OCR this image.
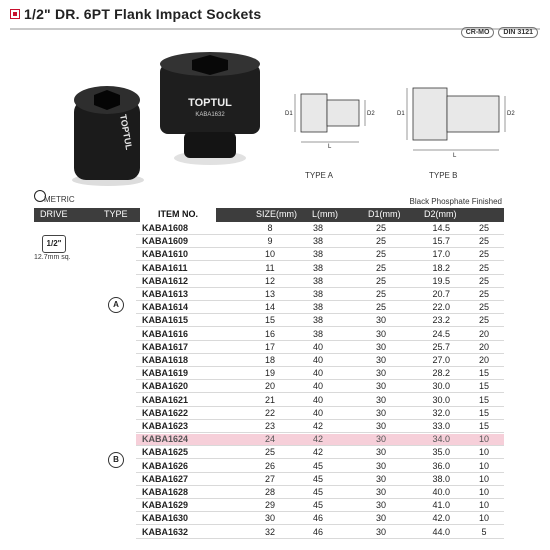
1/2" DR. 6PT Flank Impact Sockets
CR-MO	DIN 3121
TOPTUL
TOPTUL
KABA1632	D1	D2
L
D1	D2
L
TYPE A	TYPE B
METRIC	Black Phosphate Finished
DRIVE	TYPE	ITEM NO.	SIZE(mm) L(mm)	D1(mm)	D2(mm)
1/2"
12.7mm sq.
A
B
KABA1608	8	38	25	14.5	25
KABA1609	9	38	25	15.7	25
KABA1610	10	38	25	17.0	25
KABA1611	11	38	25	18.2	25
KABA1612	12	38	25	19.5	25
KABA1613	13	38	25	20.7	25
KABA1614	14	38	25	22.0	25
KABA1615	15	38	30	23.2	25
KABA1616	16	38	30	24.5	20
KABA1617	17	40	30	25.7	20
KABA1618	18	40	30	27.0	20
KABA1619	19	40	30	28.2	15
KABA1620	20	40	30	30.0	15
KABA1621	21	40	30	30.0	15
KABA1622	22	40	30	32.0	15
KABA1623	23	42	30	33.0	15
KABA1624	24	42	30	34.0	10
KABA1625	25	42	30	35.0	10
KABA1626	26	45	30	36.0	10
KABA1627	27	45	30	38.0	10
KABA1628	28	45	30	40.0	10
KABA1629	29	45	30	41.0	10
KABA1630	30	46	30	42.0	10
KABA1632	32	46	30	44.0	5
